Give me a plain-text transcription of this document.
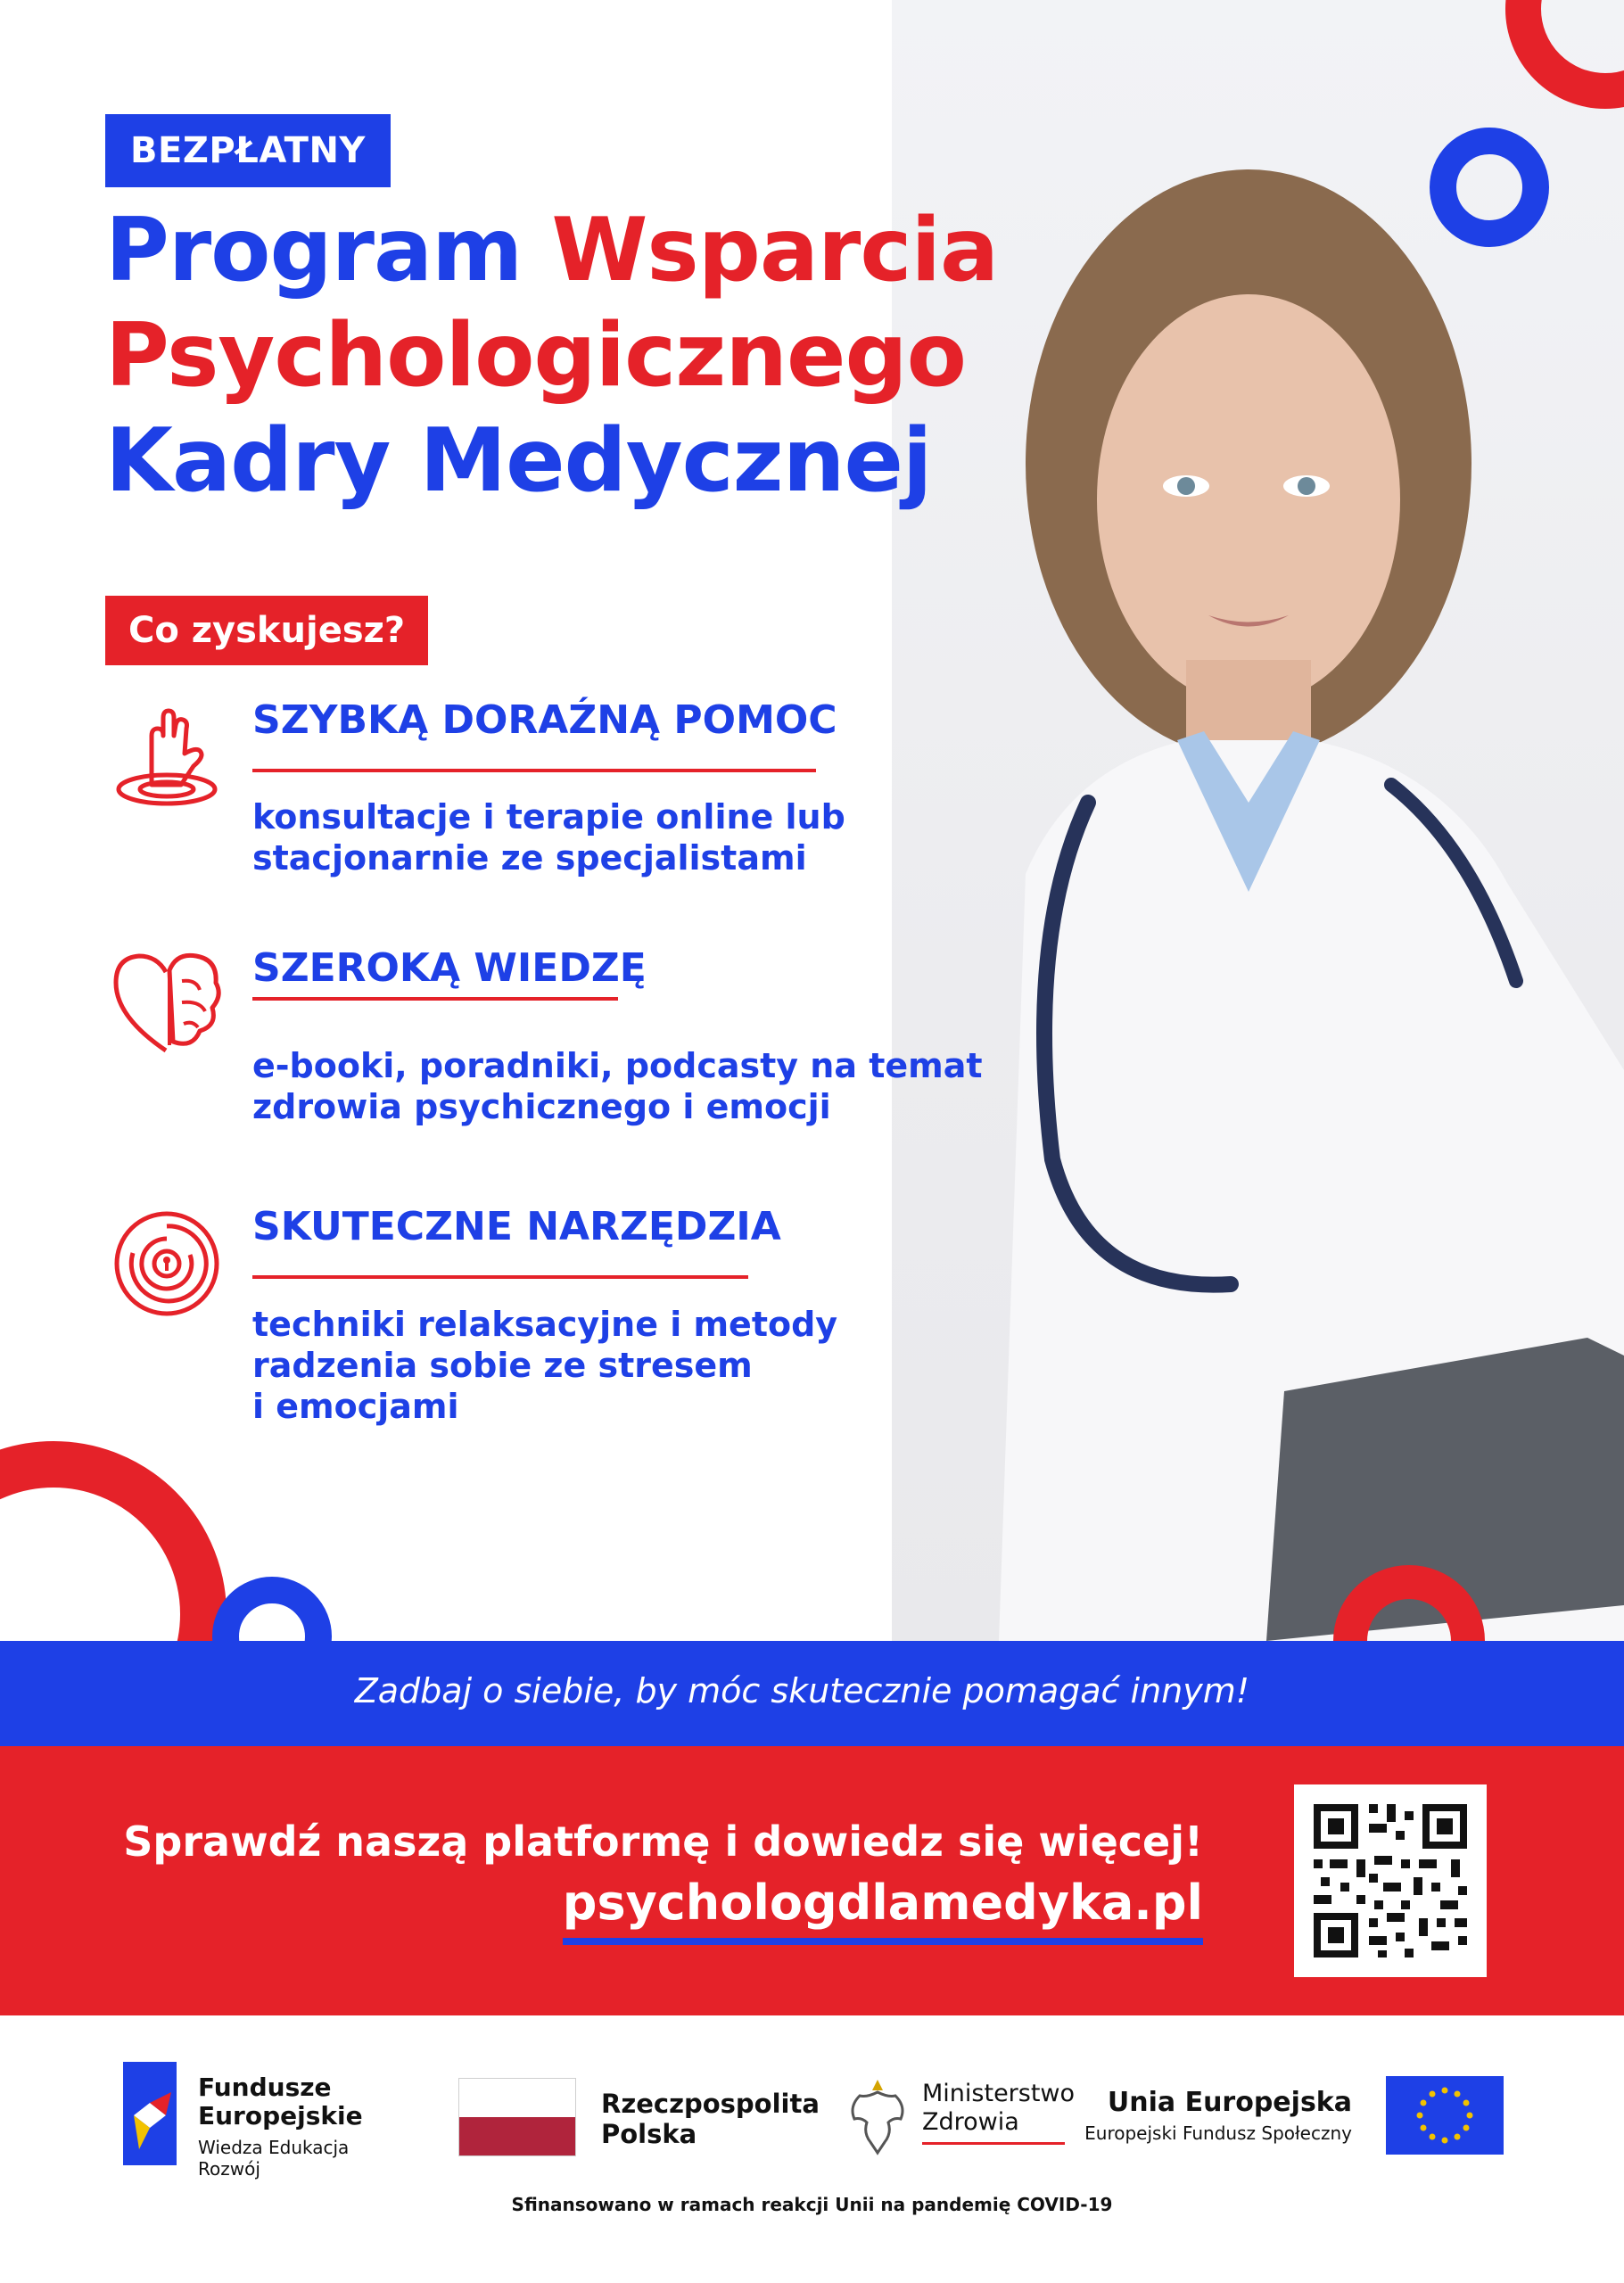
BEZPŁATNY
Program Wsparcia
Psychologicznego
Kadry Medycznej
Co zyskujesz?
SZYBKĄ DORAŹNĄ POMOC
konsultacje i terapie online lub
stacjonarnie ze specjalistami
SZEROKĄ WIEDZĘ
e-booki, poradniki, podcasty na temat
zdrowia psychicznego i emocji
SKUTECZNE NARZĘDZIA
techniki relaksacyjne i metody
radzenia sobie ze stresem
i emocjami
Zadbaj o siebie, by móc skutecznie pomagać innym!
Sprawdź naszą platformę i dowiedz się więcej!
psychologdlamedyka.pl
Fundusze
Europejskie
Wiedza Edukacja Rozwój
Rzeczpospolita
Polska
Ministerstwo
Zdrowia
Unia Europejska
Europejski Fundusz Społeczny
Sfinansowano w ramach reakcji Unii na pandemię COVID-19
